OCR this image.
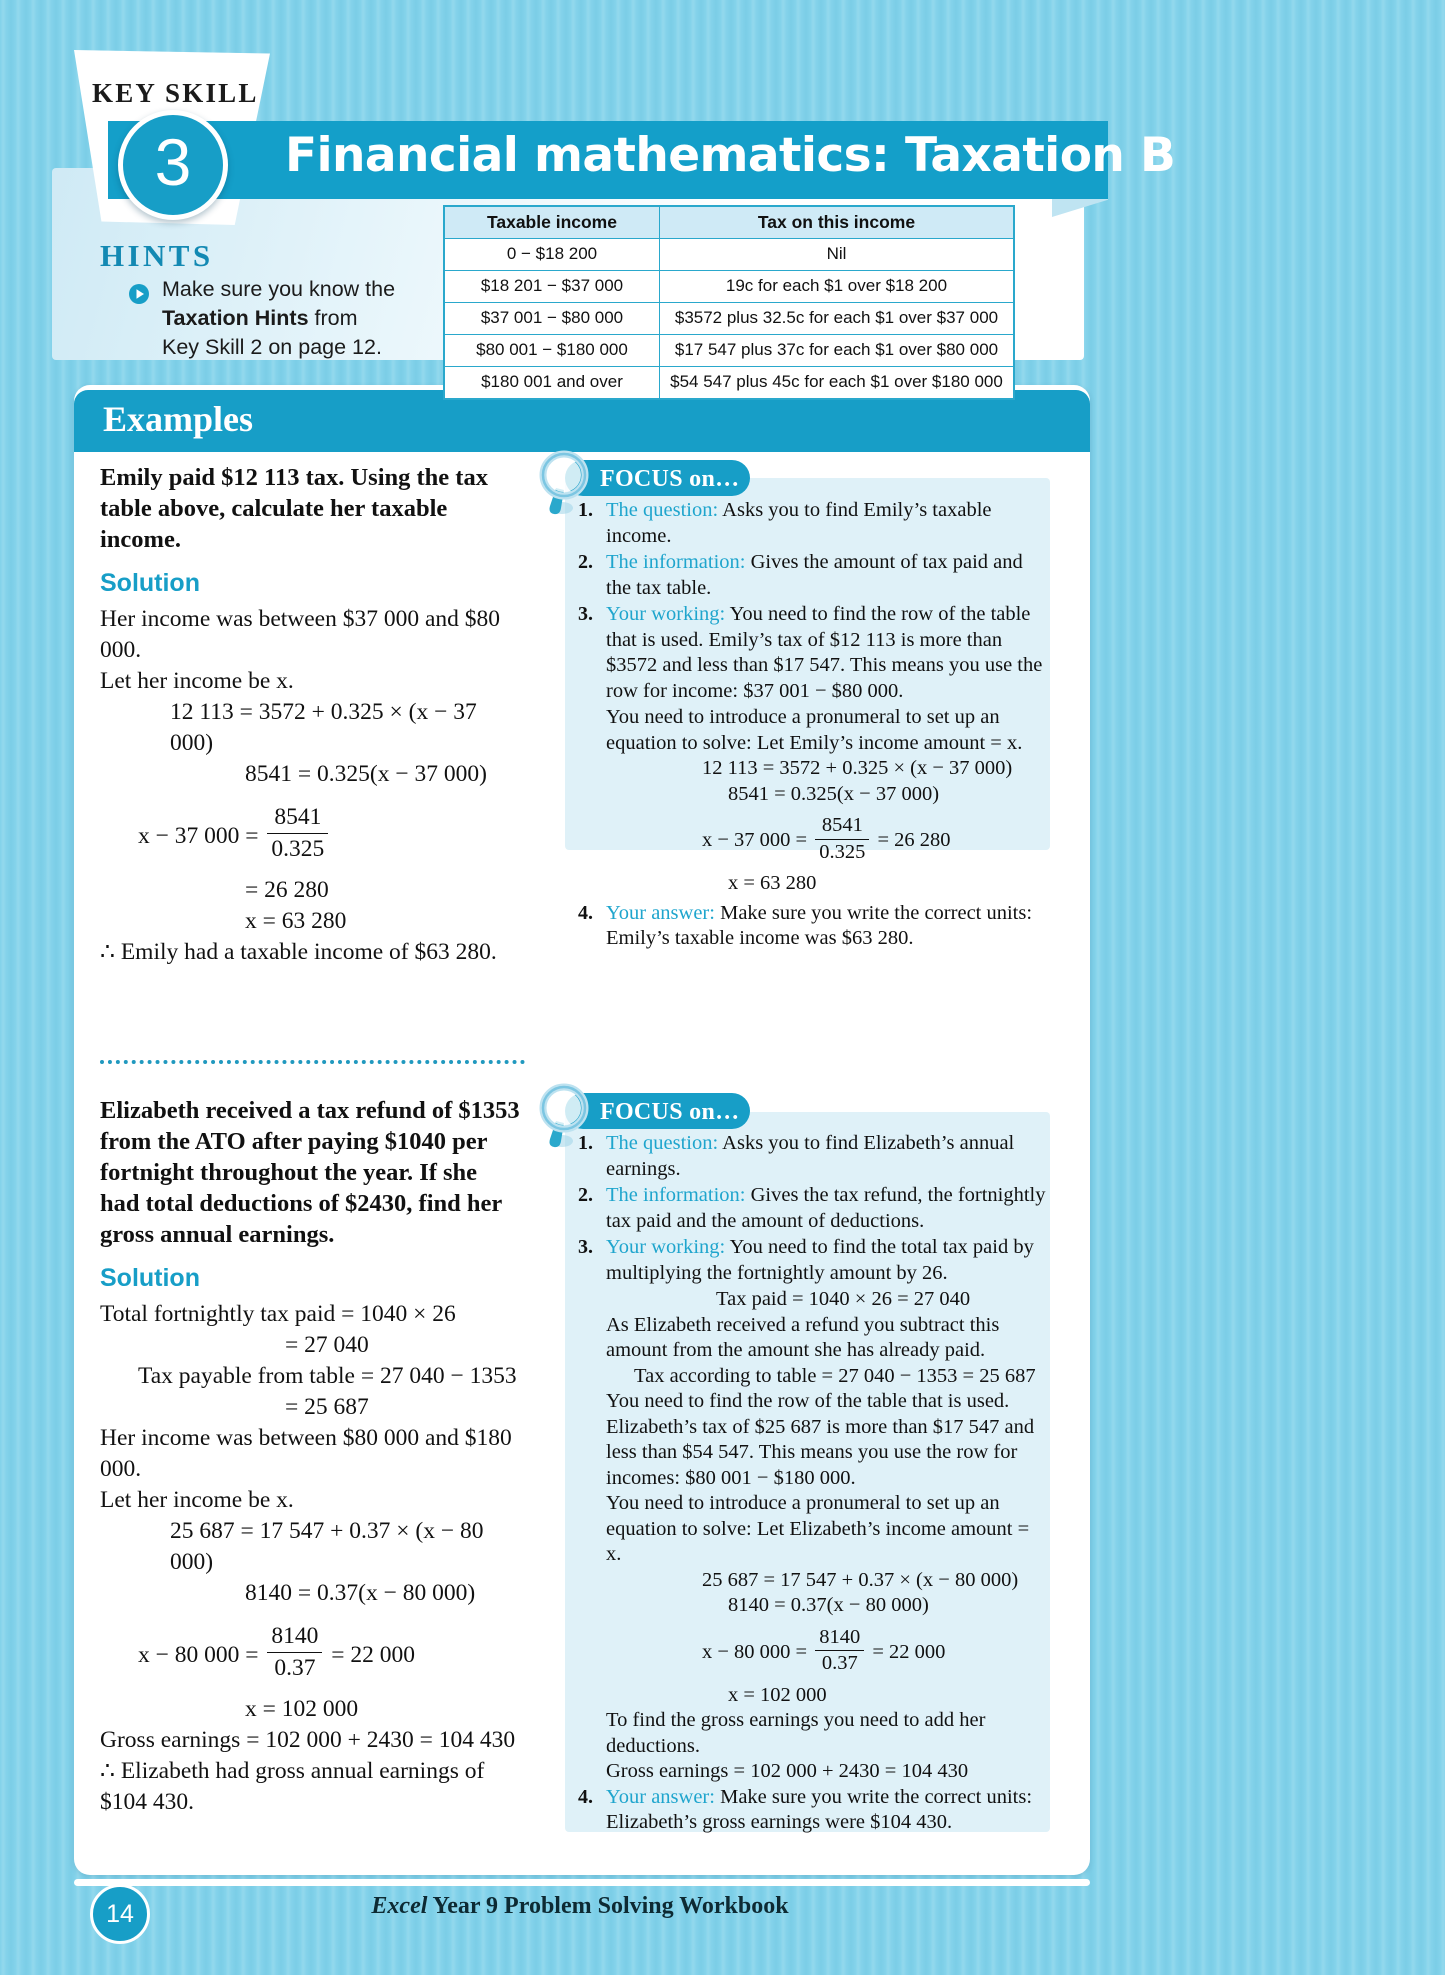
KEY SKILL
3 Financial mathematics: Taxation B
HINTS
Make sure you know the
Taxation Hints from
Key Skill 2 on page 12.
Taxable income	Tax on this income
0 − $18 200	Nil
$18 201 − $37 000	19c for each $1 over $18 200
$37 001 − $80 000	$3572 plus 32.5c for each $1 over $37 000
$80 001 − $180 000	$17 547 plus 37c for each $1 over $80 000
$180 001 and over	$54 547 plus 45c for each $1 over $180 000
Examples
Emily paid $12 113 tax. Using the tax table above, calculate her taxable income.
Solution
Her income was between $37 000 and $80 000.
Let her income be x.
12 113 = 3572 + 0.325 × (x − 37 000)
8541 = 0.325(x − 37 000)
x − 37 $000 = \frac{8541}{0.325}$
= 26 280
x = 63 280
∴ Emily had a taxable income of $63 280.
FOCUS on…
1. The question: Asks you to find Emily’s taxable income.
2. The information: Gives the amount of tax paid and the tax table.
3. Your working: You need to find the row of the table that is used. Emily’s tax of $12 113 is more than $3572 and less than $17 547. This means you use the row for income: $37 001 − $80 000.
You need to introduce a pronumeral to set up an equation to solve: Let Emily’s income amount = x.
12 113 = 3572 + 0.325 × (x − 37 000)
8541 = 0.325(x − 37 000)
x − 37 $000 = \frac{8541}{0.325} = 26$ 280
x = 63 280
4. Your answer: Make sure you write the correct units: Emily’s taxable income was $63 280.
Elizabeth received a tax refund of $1353 from the ATO after paying $1040 per fortnight throughout the year. If she had total deductions of $2430, find her gross annual earnings.
Solution
Total fortnightly tax paid = 1040 × 26
= 27 040
Tax payable from table = 27 040 − 1353
= 25 687
Her income was between $80 000 and $180 000.
Let her income be x.
25 687 = 17 547 + 0.37 × (x − 80 000)
8140 = 0.37(x − 80 000)
x − 80 $000 = \frac{8140}{0.37} = 22$ 000
x = 102 000
Gross earnings = 102 000 + 2430 = 104 430
∴ Elizabeth had gross annual earnings of $104 430.
FOCUS on…
1. The question: Asks you to find Elizabeth’s annual earnings.
2. The information: Gives the tax refund, the fortnightly tax paid and the amount of deductions.
3. Your working: You need to find the total tax paid by multiplying the fortnightly amount by 26.
Tax paid = 1040 × 26 = 27 040
As Elizabeth received a refund you subtract this amount from the amount she has already paid.
Tax according to table = 27 040 − 1353 = 25 687
You need to find the row of the table that is used. Elizabeth’s tax of $25 687 is more than $17 547 and less than $54 547. This means you use the row for incomes: $80 001 − $180 000.
You need to introduce a pronumeral to set up an equation to solve: Let Elizabeth’s income amount = x.
25 687 = 17 547 + 0.37 × (x − 80 000)
8140 = 0.37(x − 80 000)
x − 80 $000 = \frac{8140}{0.37} = 22$ 000
x = 102 000
To find the gross earnings you need to add her deductions.
Gross earnings = 102 000 + 2430 = 104 430
4. Your answer: Make sure you write the correct units: Elizabeth’s gross earnings were $104 430.
14	Excel Year 9 Problem Solving Workbook
